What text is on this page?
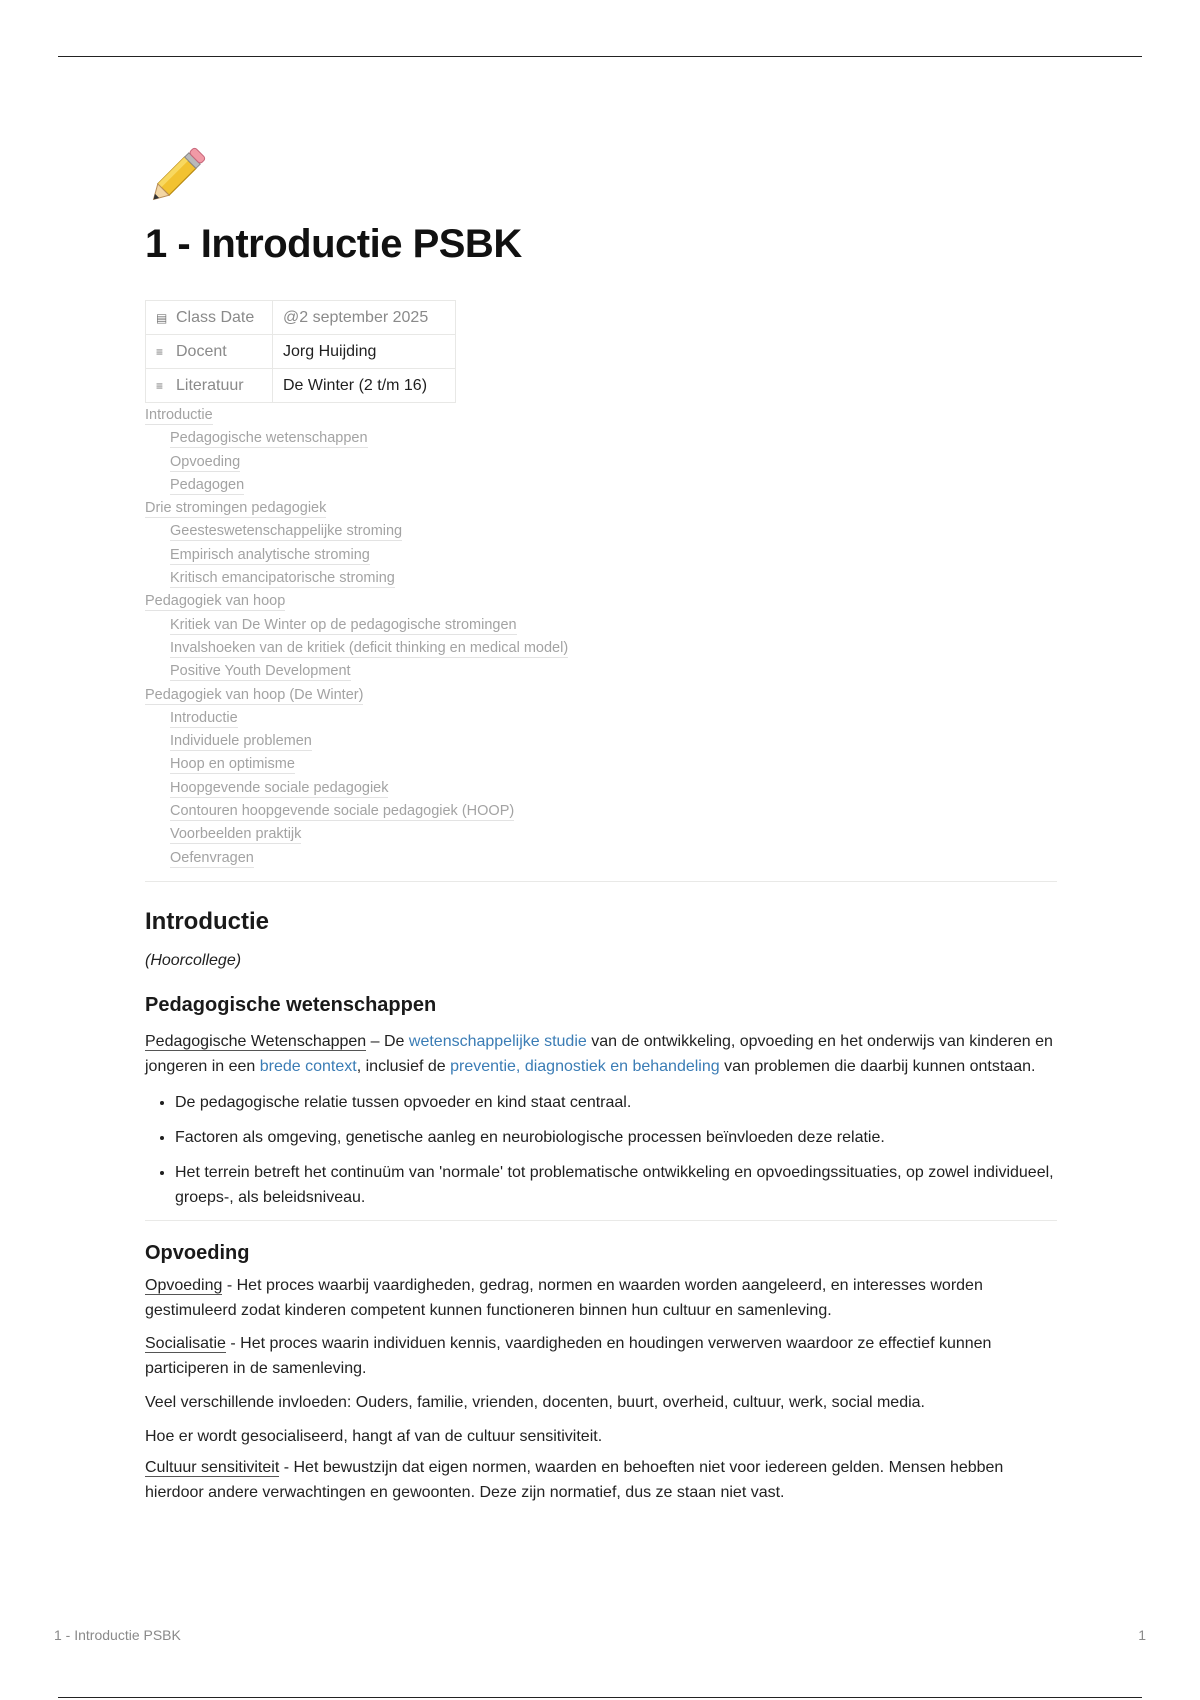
1 - Introductie PSBK
▤ Class Date	@2 september 2025
≡ Docent	Jorg Huijding
≡ Literatuur	De Winter (2 t/m 16)
Introductie
Pedagogische wetenschappen
Opvoeding
Pedagogen
Drie stromingen pedagogiek
Geesteswetenschappelijke stroming
Empirisch analytische stroming
Kritisch emancipatorische stroming
Pedagogiek van hoop
Kritiek van De Winter op de pedagogische stromingen
Invalshoeken van de kritiek (deficit thinking en medical model)
Positive Youth Development
Pedagogiek van hoop (De Winter)
Introductie
Individuele problemen
Hoop en optimisme
Hoopgevende sociale pedagogiek
Contouren hoopgevende sociale pedagogiek (HOOP)
Voorbeelden praktijk
Oefenvragen
Introductie

(Hoorcollege)

Pedagogische wetenschappen

Pedagogische Wetenschappen – De wetenschappelijke studie van de ontwikkeling, opvoeding en het onderwijs van kinderen en jongeren in een brede context, inclusief de preventie, diagnostiek en behandeling van problemen die daarbij kunnen ontstaan.

• De pedagogische relatie tussen opvoeder en kind staat centraal.
• Factoren als omgeving, genetische aanleg en neurobiologische processen beïnvloeden deze relatie.
• Het terrein betreft het continuüm van 'normale' tot problematische ontwikkeling en opvoedingssituaties, op zowel individueel, groeps-, als beleidsniveau.
Opvoeding

Opvoeding - Het proces waarbij vaardigheden, gedrag, normen en waarden worden aangeleerd, en interesses worden gestimuleerd zodat kinderen competent kunnen functioneren binnen hun cultuur en samenleving.

Socialisatie - Het proces waarin individuen kennis, vaardigheden en houdingen verwerven waardoor ze effectief kunnen participeren in de samenleving.

Veel verschillende invloeden: Ouders, familie, vrienden, docenten, buurt, overheid, cultuur, werk, social media.

Hoe er wordt gesocialiseerd, hangt af van de cultuur sensitiviteit.

Cultuur sensitiviteit - Het bewustzijn dat eigen normen, waarden en behoeften niet voor iedereen gelden. Mensen hebben hierdoor andere verwachtingen en gewoonten. Deze zijn normatief, dus ze staan niet vast.

1 - Introductie PSBK	1
